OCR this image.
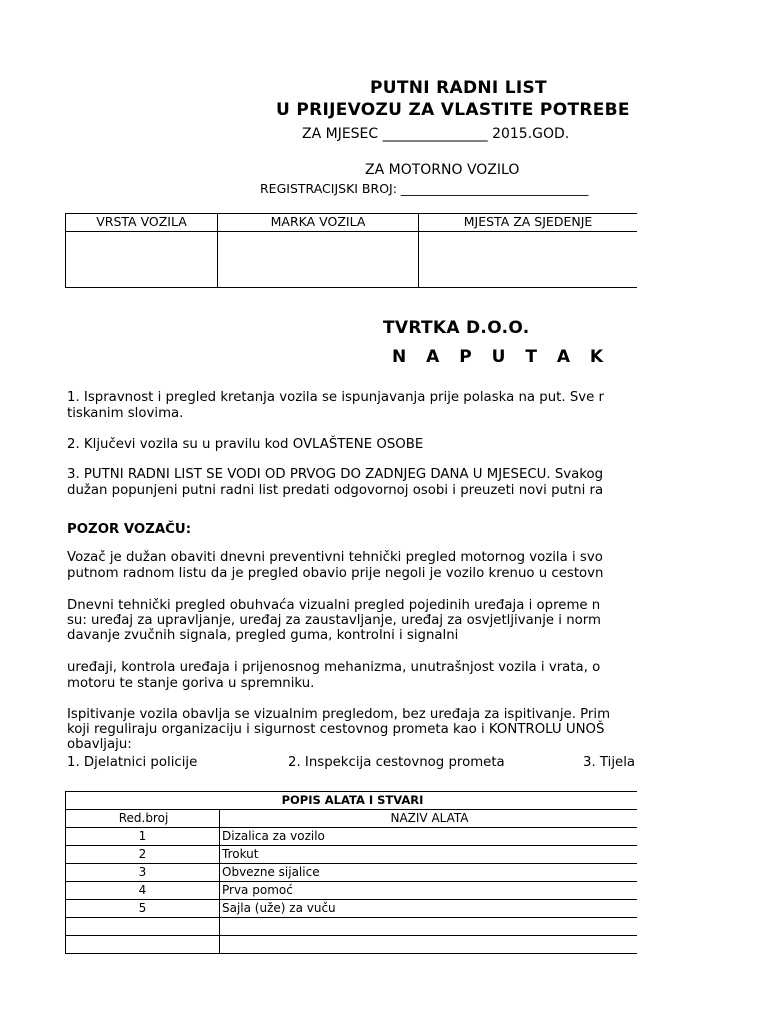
PUTNI RADNI LIST
U PRIJEVOZU ZA VLASTITE POTREBE
ZA MJESEC _______________ 2015.GOD.
ZA MOTORNO VOZILO
REGISTRACIJSKI BROJ: ______________________________
VRSTA VOZILA	MARKA VOZILA	MJESTA ZA SJEDENJE

TVRTKA D.O.O.
N A P U T A K
1. Ispravnost i pregled kretanja vozila se ispunjavanja prije polaska na put. Sve r
tiskanim slovima.
2. Ključevi vozila su u pravilu kod OVLAŠTENE OSOBE
3. PUTNI RADNI LIST SE VODI OD PRVOG DO ZADNJEG DANA U MJESECU. Svakog
dužan popunjeni putni radni list predati odgovornoj osobi i preuzeti novi putni ra
POZOR VOZAČU:
Vozač je dužan obaviti dnevni preventivni tehnički pregled motornog vozila i svo
putnom radnom listu da je pregled obavio prije negoli je vozilo krenuo u cestovn
Dnevni tehnički pregled obuhvaća vizualni pregled pojedinih uređaja i opreme n
su: uređaj za upravljanje, uređaj za zaustavljanje, uređaj za osvjetljivanje i norm
davanje zvučnih signala, pregled guma, kontrolni i signalni
uređaji, kontrola uređaja i prijenosnog mehanizma, unutrašnjost vozila i vrata, o
motoru te stanje goriva u spremniku.
Ispitivanje vozila obavlja se vizualnim pregledom, bez uređaja za ispitivanje. Prim
koji reguliraju organizaciju i sigurnost cestovnog prometa kao i KONTROLU UNOŠ
obavljaju:
1. Djelatnici policije	2. Inspekcija cestovnog prometa	3. Tijela
POPIS ALATA I STVARI	
Red.broj	NAZIV ALATA
1	Dizalica za vozilo
2	Trokut
3	Obvezne sijalice
4	Prva pomoć
5	Sajla (uže) za vuču
